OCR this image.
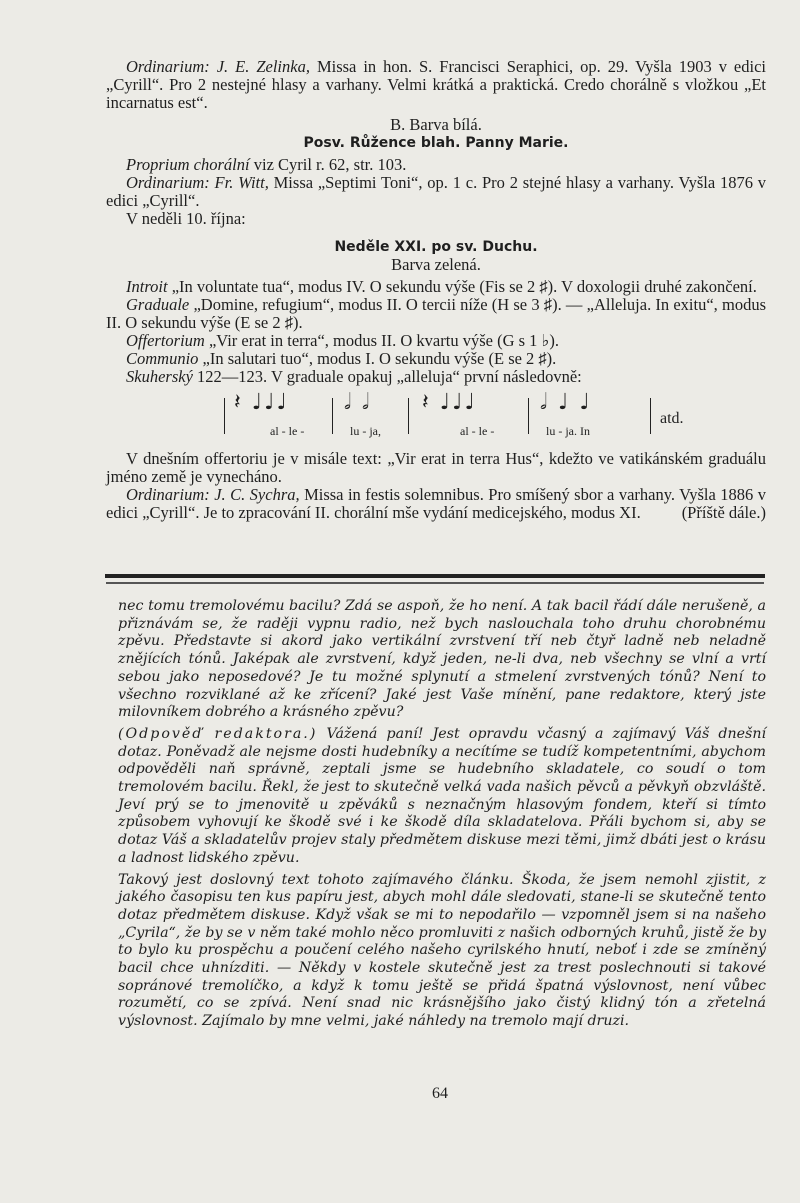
Ordinarium: J. E. Zelinka, Missa in hon. S. Francisci Seraphici, op. 29. Vyšla 1903 v edici „Cyrill“. Pro 2 nestejné hlasy a varhany. Velmi krátká a praktická. Credo chorálně s vložkou „Et incarnatus est“.

B. Barva bílá.

Posv. Růžence blah. Panny Marie.

Proprium chorální viz Cyril r. 62, str. 103.

Ordinarium: Fr. Witt, Missa „Septimi Toni“, op. 1 c. Pro 2 stejné hlasy a varhany. Vyšla 1876 v edici „Cyrill“.

V neděli 10. října:

Neděle XXI. po sv. Duchu.

Barva zelená.

Introit „In voluntate tua“, modus IV. O sekundu výše (Fis se 2 ♯). V doxologii druhé zakončení.

Graduale „Domine, refugium“, modus II. O tercii níže (H se 3 ♯). — „Alleluja. In exitu“, modus II. O sekundu výše (E se 2 ♯).

Offertorium „Vir erat in terra“, modus II. O kvartu výše (G s 1 ♭).

Communio „In salutari tuo“, modus I. O sekundu výše (E se 2 ♯).

Skuherský 122—123. V graduale opakuj „alleluja“ první následovně:

𝄽 ♩♩♩
al - le -
𝅗𝅥 𝅗𝅥
lu - ja,
𝄽 ♩♩♩
al - le -
𝅗𝅥 ♩ ♩
lu - ja. In
atd.

V dnešním offertoriu je v misále text: „Vir erat in terra Hus“, kdežto ve vatikánském graduálu jméno země je vynecháno.

Ordinarium: J. C. Sychra, Missa in festis solemnibus. Pro smíšený sbor a varhany. Vyšla 1886 v edici „Cyrill“. Je to zpracování II. chorální mše vydání medicejského, modus XI.	(Příště dále.)

nec tomu tremolovému bacilu? Zdá se aspoň, že ho není. A tak bacil řádí dále nerušeně, a přiznávám se, že raději vypnu radio, než bych naslouchala toho druhu chorobnému zpěvu. Představte si akord jako vertikální zvrstvení tří neb čtyř ladně neb neladně znějících tónů. Jaképak ale zvrstvení, když jeden, ne-li dva, neb všechny se vlní a vrtí sebou jako neposedové? Je tu možné splynutí a stmelení zvrstvených tónů? Není to všechno rozviklané až ke zřícení? Jaké jest Vaše mínění, pane redaktore, který jste milovníkem dobrého a krásného zpěvu?

(Odpověď redaktora.) Vážená paní! Jest opravdu včasný a zajímavý Váš dnešní dotaz. Poněvadž ale nejsme dosti hudebníky a necítíme se tudíž kompetentními, abychom odpověděli naň správně, zeptali jsme se hudebního skladatele, co soudí o tom tremolovém bacilu. Řekl, že jest to skutečně velká vada našich pěvců a pěvkyň obzvláště. Jeví prý se to jmenovitě u zpěváků s neznačným hlasovým fondem, kteří si tímto způsobem vyhovují ke škodě své i ke škodě díla skladatelova. Přáli bychom si, aby se dotaz Váš a skladatelův projev staly předmětem diskuse mezi těmi, jimž dbáti jest o krásu a ladnost lidského zpěvu.

Takový jest doslovný text tohoto zajímavého článku. Škoda, že jsem nemohl zjistit, z jakého časopisu ten kus papíru jest, abych mohl dále sledovati, stane-li se skutečně tento dotaz předmětem diskuse. Když však se mi to nepodařilo — vzpomněl jsem si na našeho „Cyrila“, že by se v něm také mohlo něco promluviti z našich odborných kruhů, jistě že by to bylo ku prospěchu a poučení celého našeho cyrilského hnutí, neboť i zde se zmíněný bacil chce uhnízditi. — Někdy v kostele skutečně jest za trest poslechnouti si takové sopránové tremolíčko, a když k tomu ještě se přidá špatná výslovnost, není vůbec rozumětí, co se zpívá. Není snad nic krásnějšího jako čistý klidný tón a zřetelná výslovnost. Zajímalo by mne velmi, jaké náhledy na tremolo mají druzi.

64
